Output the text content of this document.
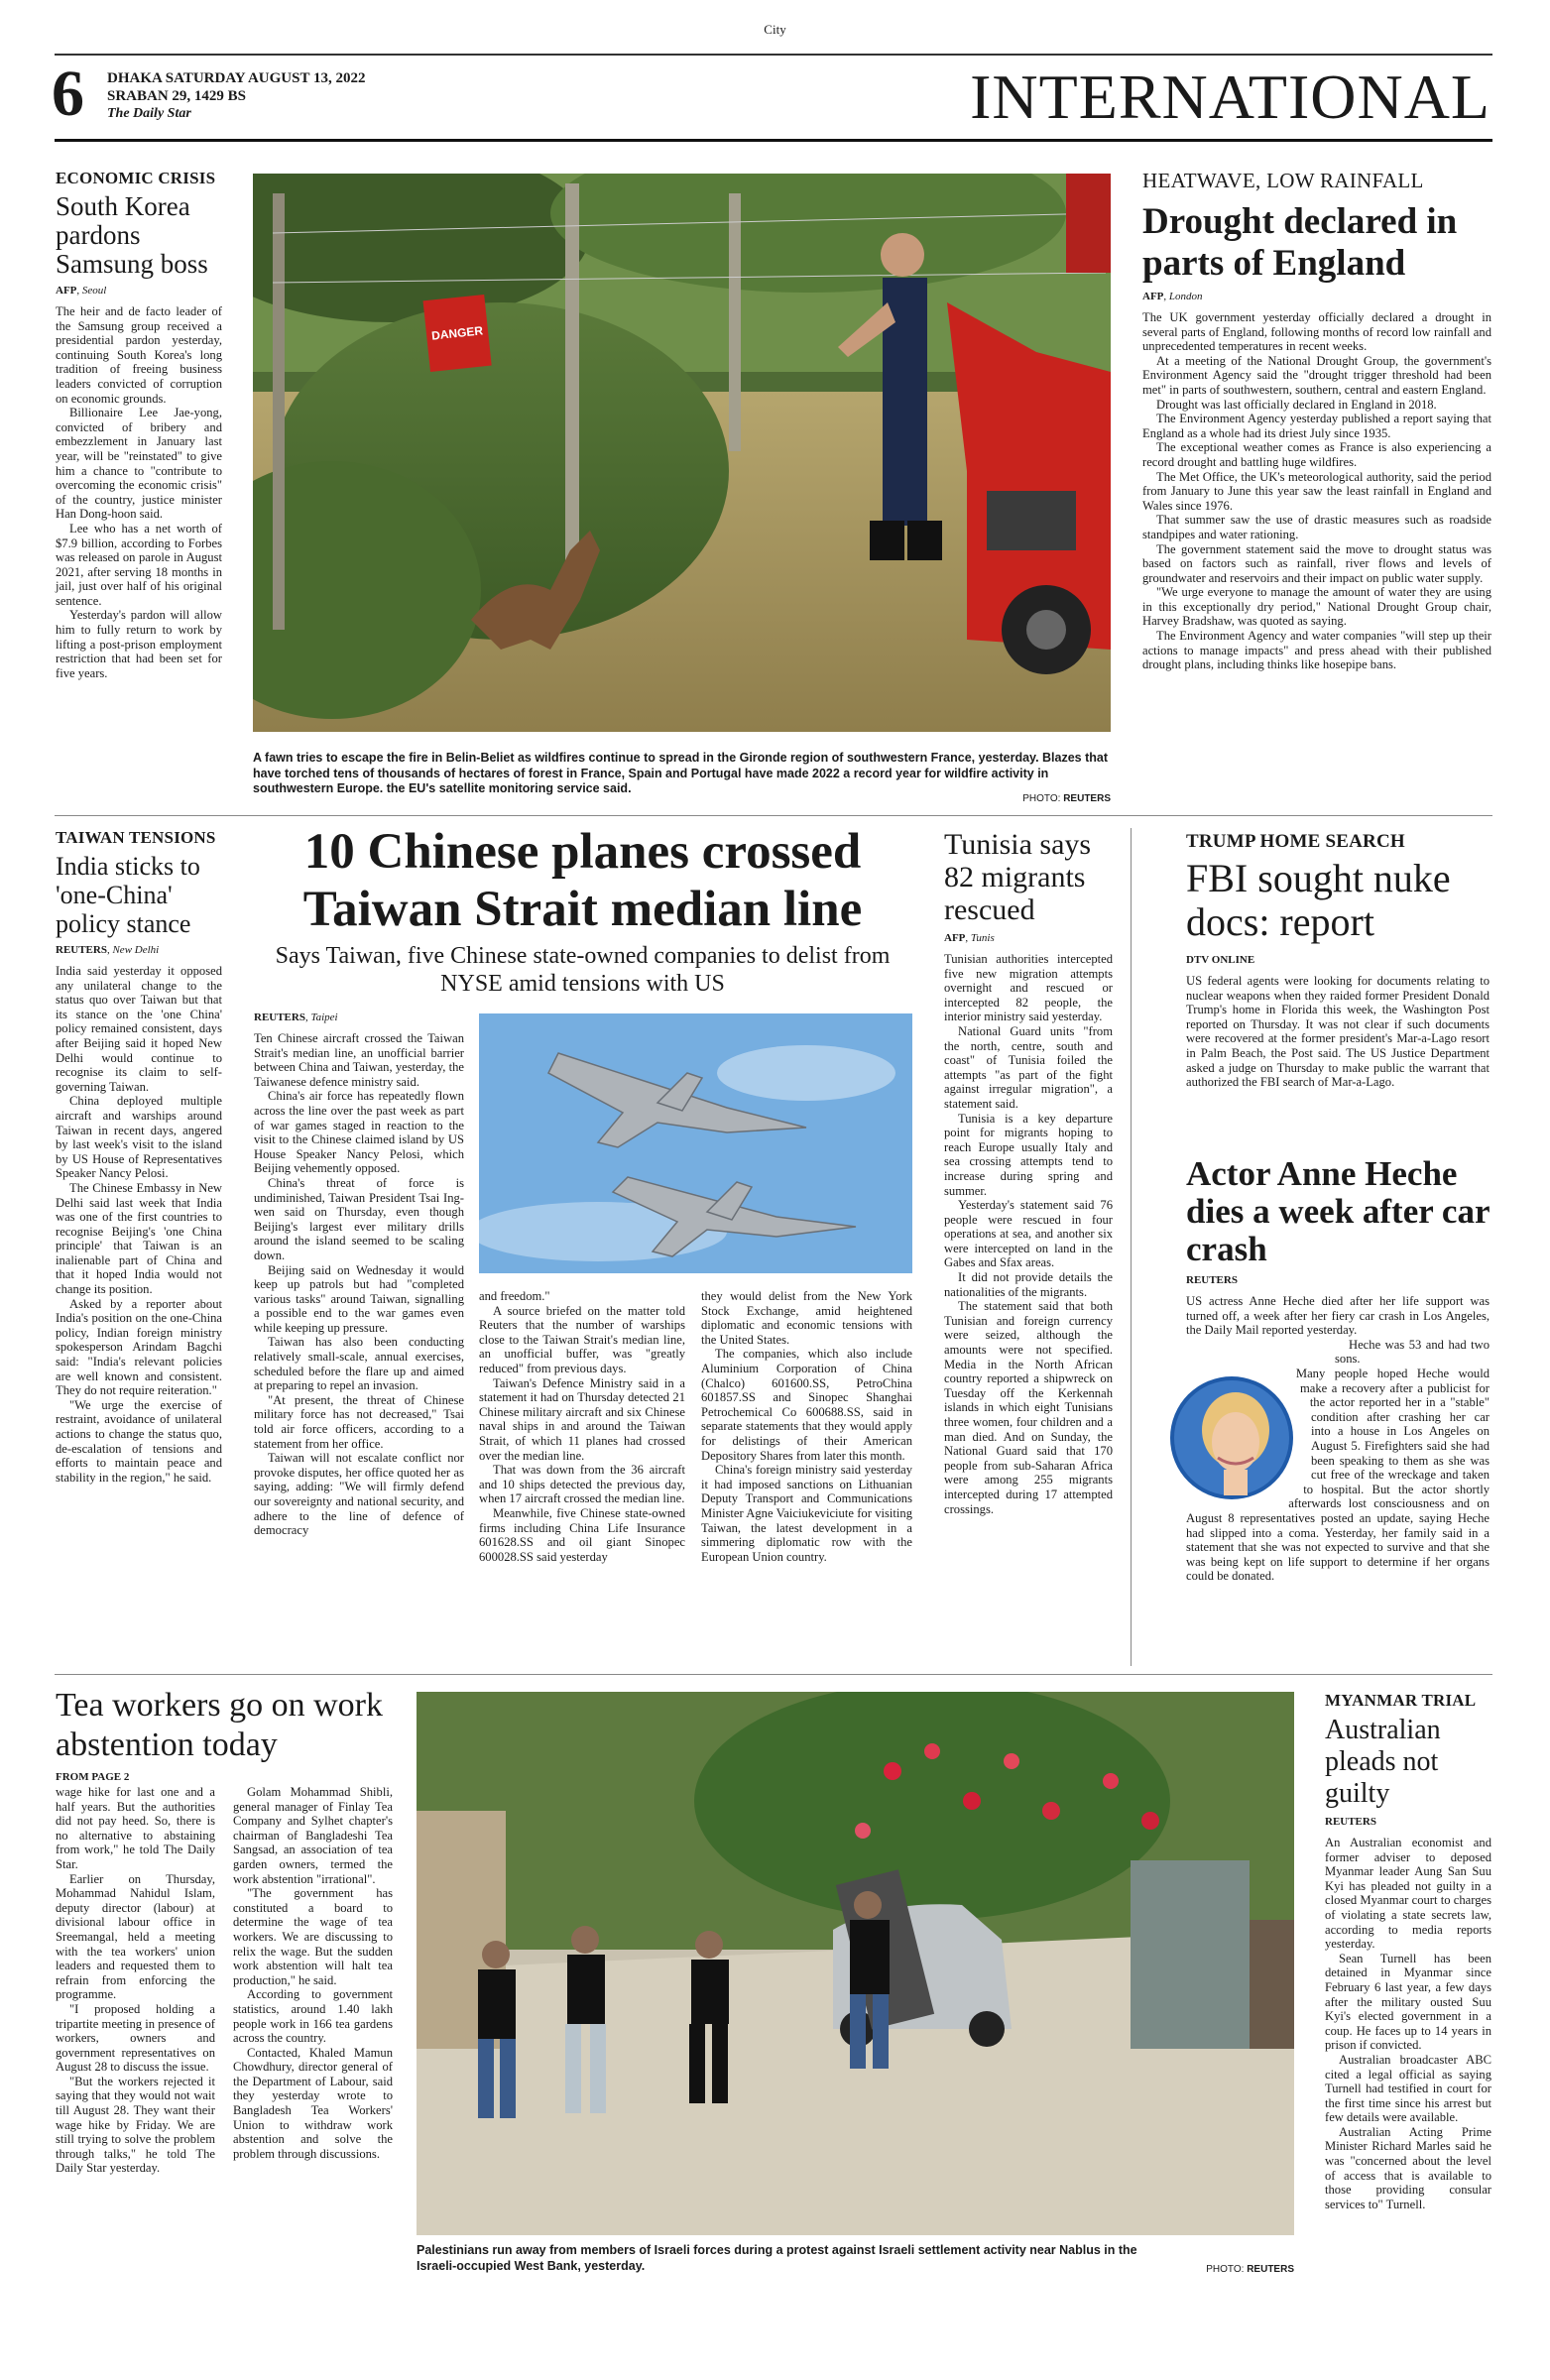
City
6 DHAKA SATURDAY AUGUST 13, 2022
SRABAN 29, 1429 BS
The Daily Star	INTERNATIONAL
ECONOMIC CRISIS
South Korea pardons Samsung boss
AFP, Seoul

The heir and de facto leader of the Samsung group received a presidential pardon yesterday, continuing South Korea's long tradition of freeing business leaders convicted of corruption on economic grounds.

Billionaire Lee Jae-yong, convicted of bribery and embezzlement in January last year, will be "reinstated" to give him a chance to "contribute to overcoming the economic crisis" of the country, justice minister Han Dong-hoon said.

Lee who has a net worth of $7.9 billion, according to Forbes was released on parole in August 2021, after serving 18 months in jail, just over half of his original sentence.

Yesterday's pardon will allow him to fully return to work by lifting a post-prison employment restriction that had been set for five years.

DANGER
A fawn tries to escape the fire in Belin-Beliet as wildfires continue to spread in the Gironde region of southwestern France, yesterday. Blazes that have torched tens of thousands of hectares of forest in France, Spain and Portugal have made 2022 a record year for wildfire activity in southwestern Europe. the EU's satellite monitoring service said.
PHOTO: REUTERS
HEATWAVE, LOW RAINFALL
Drought declared in parts of England
AFP, London

The UK government yesterday officially declared a drought in several parts of England, following months of record low rainfall and unprecedented temperatures in recent weeks.

At a meeting of the National Drought Group, the government's Environment Agency said the "drought trigger threshold had been met" in parts of southwestern, southern, central and eastern England.

Drought was last officially declared in England in 2018.

The Environment Agency yesterday published a report saying that England as a whole had its driest July since 1935.

The exceptional weather comes as France is also experiencing a record drought and battling huge wildfires.

The Met Office, the UK's meteorological authority, said the period from January to June this year saw the least rainfall in England and Wales since 1976.

That summer saw the use of drastic measures such as roadside standpipes and water rationing.

The government statement said the move to drought status was based on factors such as rainfall, river flows and levels of groundwater and reservoirs and their impact on public water supply.

"We urge everyone to manage the amount of water they are using in this exceptionally dry period," National Drought Group chair, Harvey Bradshaw, was quoted as saying.

The Environment Agency and water companies "will step up their actions to manage impacts" and press ahead with their published drought plans, including thinks like hosepipe bans.

TAIWAN TENSIONS
India sticks to 'one-China' policy stance
REUTERS, New Delhi

India said yesterday it opposed any unilateral change to the status quo over Taiwan but that its stance on the 'one China' policy remained consistent, days after Beijing said it hoped New Delhi would continue to recognise its claim to self-governing Taiwan.

China deployed multiple aircraft and warships around Taiwan in recent days, angered by last week's visit to the island by US House of Representatives Speaker Nancy Pelosi.

The Chinese Embassy in New Delhi said last week that India was one of the first countries to recognise Beijing's 'one China principle' that Taiwan is an inalienable part of China and that it hoped India would not change its position.

Asked by a reporter about India's position on the one-China policy, Indian foreign ministry spokesperson Arindam Bagchi said: "India's relevant policies are well known and consistent. They do not require reiteration."

"We urge the exercise of restraint, avoidance of unilateral actions to change the status quo, de-escalation of tensions and efforts to maintain peace and stability in the region," he said.

10 Chinese planes crossed Taiwan Strait median line
Says Taiwan, five Chinese state-owned companies to delist from NYSE amid tensions with US
REUTERS, Taipei

Ten Chinese aircraft crossed the Taiwan Strait's median line, an unofficial barrier between China and Taiwan, yesterday, the Taiwanese defence ministry said.

China's air force has repeatedly flown across the line over the past week as part of war games staged in reaction to the visit to the Chinese claimed island by US House Speaker Nancy Pelosi, which Beijing vehemently opposed.

China's threat of force is undiminished, Taiwan President Tsai Ing-wen said on Thursday, even though Beijing's largest ever military drills around the island seemed to be scaling down.

Beijing said on Wednesday it would keep up patrols but had "completed various tasks" around Taiwan, signalling a possible end to the war games even while keeping up pressure.

Taiwan has also been conducting relatively small-scale, annual exercises, scheduled before the flare up and aimed at preparing to repel an invasion.

"At present, the threat of Chinese military force has not decreased," Tsai told air force officers, according to a statement from her office.

Taiwan will not escalate conflict nor provoke disputes, her office quoted her as saying, adding: "We will firmly defend our sovereignty and national security, and adhere to the line of defence of democracy

and freedom."

A source briefed on the matter told Reuters that the number of warships close to the Taiwan Strait's median line, an unofficial buffer, was "greatly reduced" from previous days.

Taiwan's Defence Ministry said in a statement it had on Thursday detected 21 Chinese military aircraft and six Chinese naval ships in and around the Taiwan Strait, of which 11 planes had crossed over the median line.

That was down from the 36 aircraft and 10 ships detected the previous day, when 17 aircraft crossed the median line.

Meanwhile, five Chinese state-owned firms including China Life Insurance 601628.SS and oil giant Sinopec 600028.SS said yesterday

they would delist from the New York Stock Exchange, amid heightened diplomatic and economic tensions with the United States.

The companies, which also include Aluminium Corporation of China (Chalco) 601600.SS, PetroChina 601857.SS and Sinopec Shanghai Petrochemical Co 600688.SS, said in separate statements that they would apply for delistings of their American Depository Shares from later this month.

China's foreign ministry said yesterday it had imposed sanctions on Lithuanian Deputy Transport and Communications Minister Agne Vaiciukeviciute for visiting Taiwan, the latest development in a simmering diplomatic row with the European Union country.

Tunisia says 82 migrants rescued
AFP, Tunis

Tunisian authorities intercepted five new migration attempts overnight and rescued or intercepted 82 people, the interior ministry said yesterday.

National Guard units "from the north, centre, south and coast" of Tunisia foiled the attempts "as part of the fight against irregular migration", a statement said.

Tunisia is a key departure point for migrants hoping to reach Europe usually Italy and sea crossing attempts tend to increase during spring and summer.

Yesterday's statement said 76 people were rescued in four operations at sea, and another six were intercepted on land in the Gabes and Sfax areas.

It did not provide details the nationalities of the migrants.

The statement said that both Tunisian and foreign currency were seized, although the amounts were not specified. Media in the North African country reported a shipwreck on Tuesday off the Kerkennah islands in which eight Tunisians three women, four children and a man died. And on Sunday, the National Guard said that 170 people from sub-Saharan Africa were among 255 migrants intercepted during 17 attempted crossings.

TRUMP HOME SEARCH
FBI sought nuke docs: report
DTV ONLINE

US federal agents were looking for documents relating to nuclear weapons when they raided former President Donald Trump's home in Florida this week, the Washington Post reported on Thursday. It was not clear if such documents were recovered at the former president's Mar-a-Lago resort in Palm Beach, the Post said. The US Justice Department asked a judge on Thursday to make public the warrant that authorized the FBI search of Mar-a-Lago.

Actor Anne Heche dies a week after car crash
REUTERS

US actress Anne Heche died after her life support was turned off, a week after her fiery car crash in Los Angeles, the Daily Mail reported yesterday.

Heche was 53 and had two sons.

Many people hoped Heche would make a recovery after a publicist for the actor reported her in a "stable" condition after crashing her car into a house in Los Angeles on August 5. Firefighters said she had been speaking to them as she was cut free of the wreckage and taken to hospital. But the actor shortly afterwards lost consciousness and on August 8 representatives posted an update, saying Heche had slipped into a coma. Yesterday, her family said in a statement that she was not expected to survive and that she was being kept on life support to determine if her organs could be donated.

Tea workers go on work abstention today
FROM PAGE 2

wage hike for last one and a half years. But the authorities did not pay heed. So, there is no alternative to abstaining from work," he told The Daily Star.

Earlier on Thursday, Mohammad Nahidul Islam, deputy director (labour) at divisional labour office in Sreemangal, held a meeting with the tea workers' union leaders and requested them to refrain from enforcing the programme.

"I proposed holding a tripartite meeting in presence of workers, owners and government representatives on August 28 to discuss the issue.

"But the workers rejected it saying that they would not wait till August 28. They want their wage hike by Friday. We are still trying to solve the problem through talks," he told The Daily Star yesterday.

Golam Mohammad Shibli, general manager of Finlay Tea Company and Sylhet chapter's chairman of Bangladeshi Tea Sangsad, an association of tea garden owners, termed the work abstention "irrational".

"The government has constituted a board to determine the wage of tea workers. We are discussing to relix the wage. But the sudden work abstention will halt tea production," he said.

According to government statistics, around 1.40 lakh people work in 166 tea gardens across the country.

Contacted, Khaled Mamun Chowdhury, director general of the Department of Labour, said they yesterday wrote to Bangladesh Tea Workers' Union to withdraw work abstention and solve the problem through discussions.

Palestinians run away from members of Israeli forces during a protest against Israeli settlement activity near Nablus in the Israeli-occupied West Bank, yesterday.	PHOTO: REUTERS
MYANMAR TRIAL
Australian pleads not guilty
REUTERS

An Australian economist and former adviser to deposed Myanmar leader Aung San Suu Kyi has pleaded not guilty in a closed Myanmar court to charges of violating a state secrets law, according to media reports yesterday.

Sean Turnell has been detained in Myanmar since February 6 last year, a few days after the military ousted Suu Kyi's elected government in a coup. He faces up to 14 years in prison if convicted.

Australian broadcaster ABC cited a legal official as saying Turnell had testified in court for the first time since his arrest but few details were available.

Australian Acting Prime Minister Richard Marles said he was "concerned about the level of access that is available to those providing consular services to" Turnell.
